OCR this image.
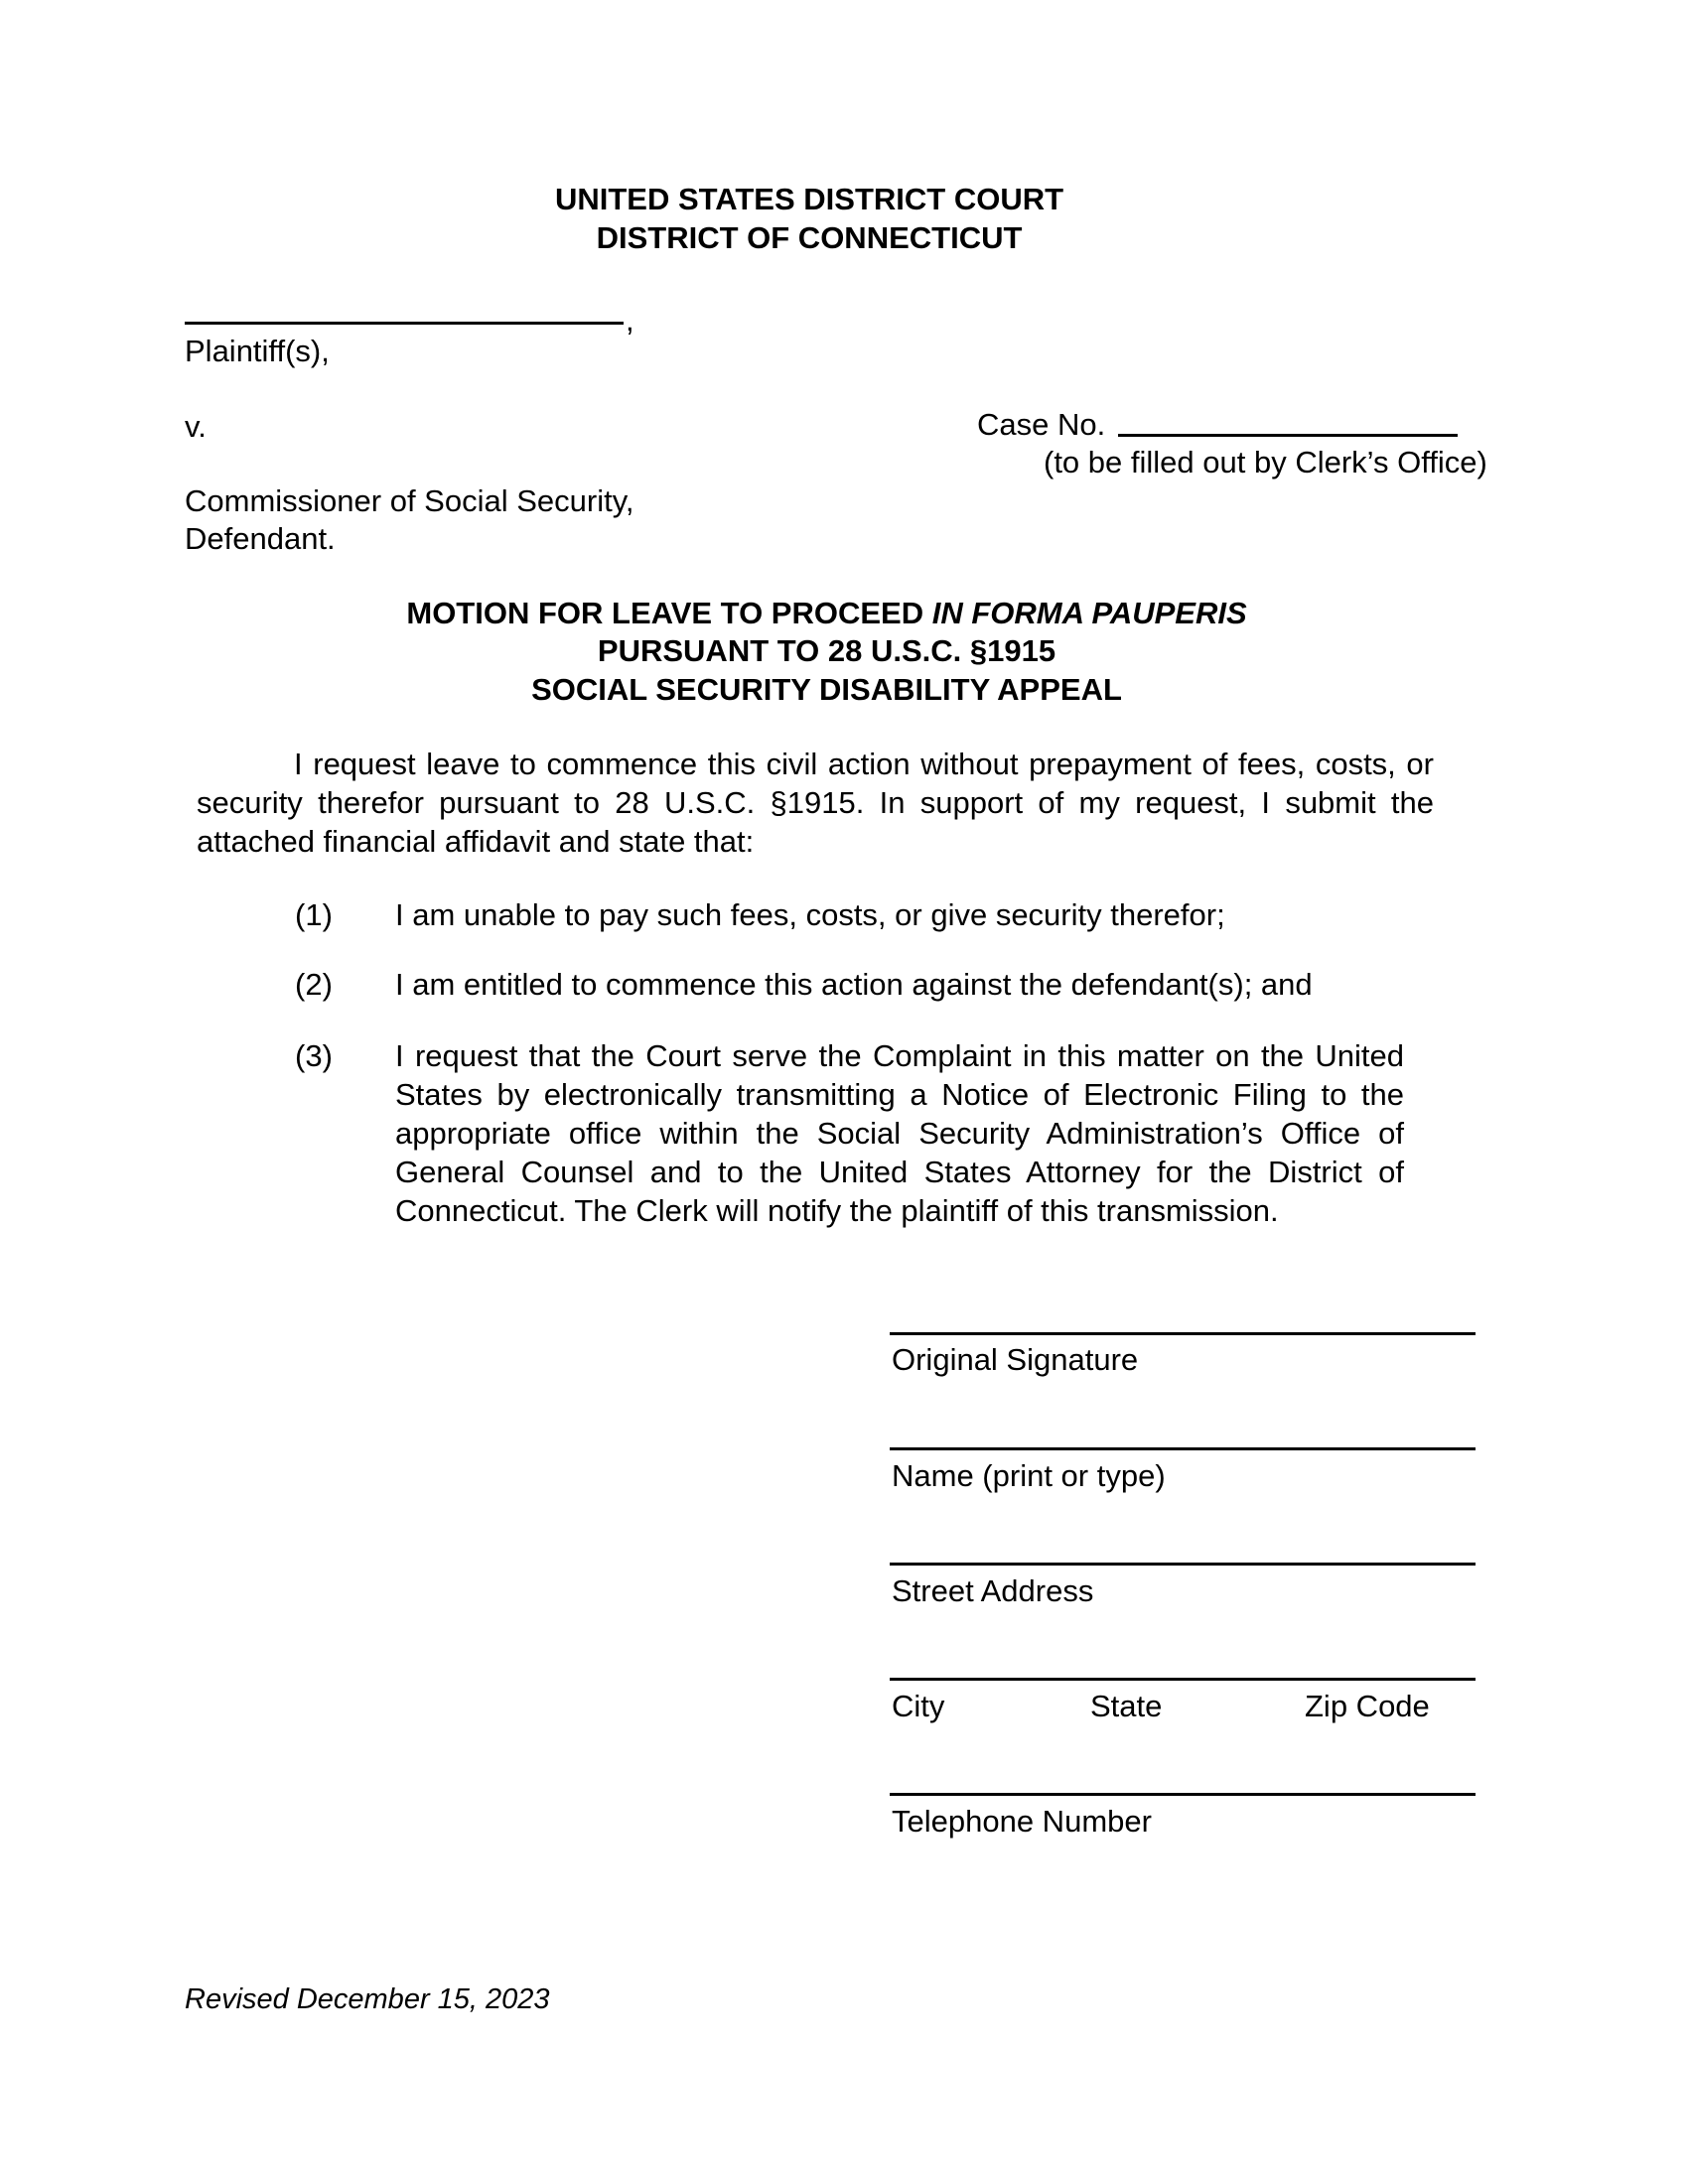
UNITED STATES DISTRICT COURT
DISTRICT OF CONNECTICUT
,
Plaintiff(s),
v.	Case No.
(to be filled out by Clerk’s Office)
Commissioner of Social Security,
Defendant.
MOTION FOR LEAVE TO PROCEED IN FORMA PAUPERIS
PURSUANT TO 28 U.S.C. §1915
SOCIAL SECURITY DISABILITY APPEAL
I request leave to commence this civil action without prepayment of fees, costs, or security therefor pursuant to 28 U.S.C. §1915. In support of my request, I submit the attached financial affidavit and state that:
(1) I am unable to pay such fees, costs, or give security therefor;
(2) I am entitled to commence this action against the defendant(s); and
(3) I request that the Court serve the Complaint in this matter on the United States by electronically transmitting a Notice of Electronic Filing to the appropriate office within the Social Security Administration’s Office of General Counsel and to the United States Attorney for the District of Connecticut. The Clerk will notify the plaintiff of this transmission.
Original Signature
Name (print or type)
Street Address
City	State	Zip Code
Telephone Number
Revised December 15, 2023
